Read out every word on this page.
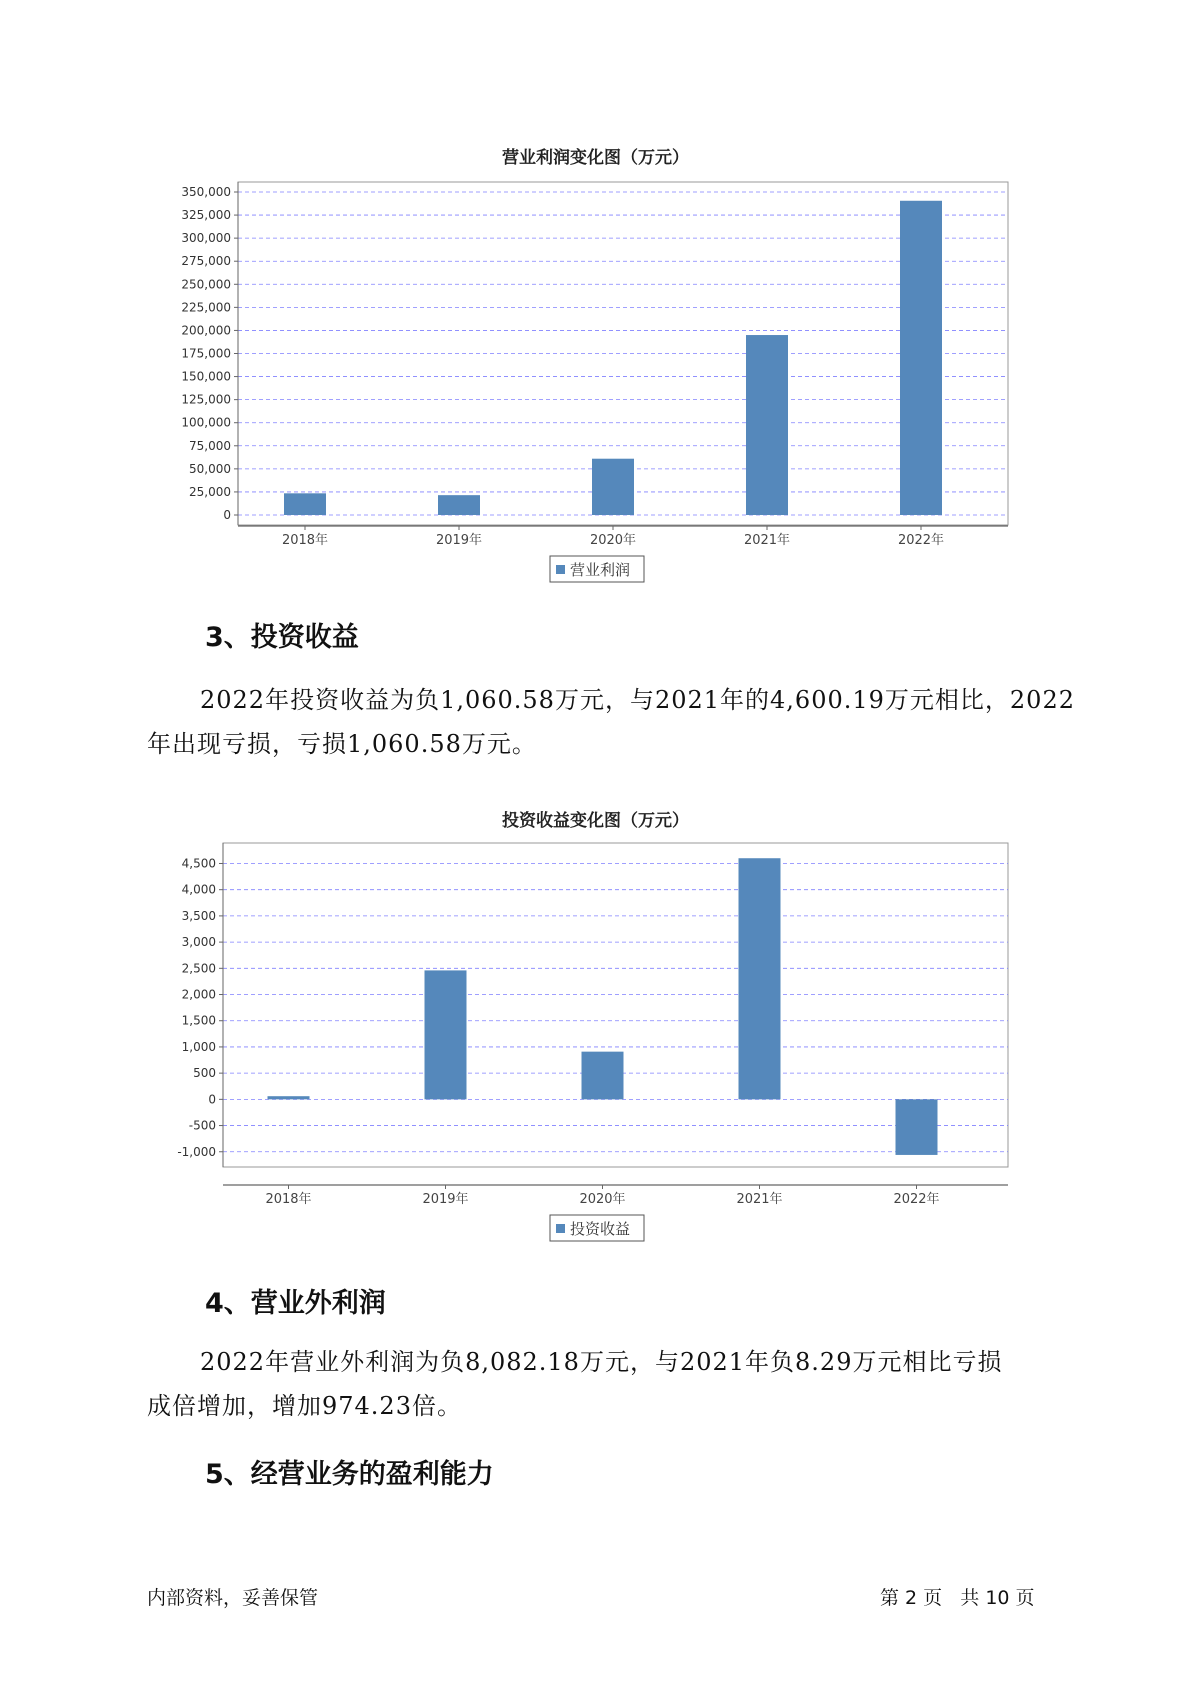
营业利润变化图（万元）
0
25,000
50,000
75,000
100,000
125,000
150,000
175,000
200,000
225,000
250,000
275,000
300,000
325,000
350,000
2018年	2019年	2020年	2021年	2022年
营业利润
3、投资收益
2022年投资收益为负1,060.58万元，与2021年的4,600.19万元相比，2022
年出现亏损，亏损1,060.58万元。
投资收益变化图（万元）
-1,000
-500
0
500
1,000
1,500
2,000
2,500
3,000
3,500
4,000
4,500
2018年	2019年	2020年	2021年	2022年
投资收益
4、营业外利润
2022年营业外利润为负8,082.18万元，与2021年负8.29万元相比亏损
成倍增加，增加974.23倍。
5、经营业务的盈利能力
内部资料，妥善保管	第 2 页   共 10 页
